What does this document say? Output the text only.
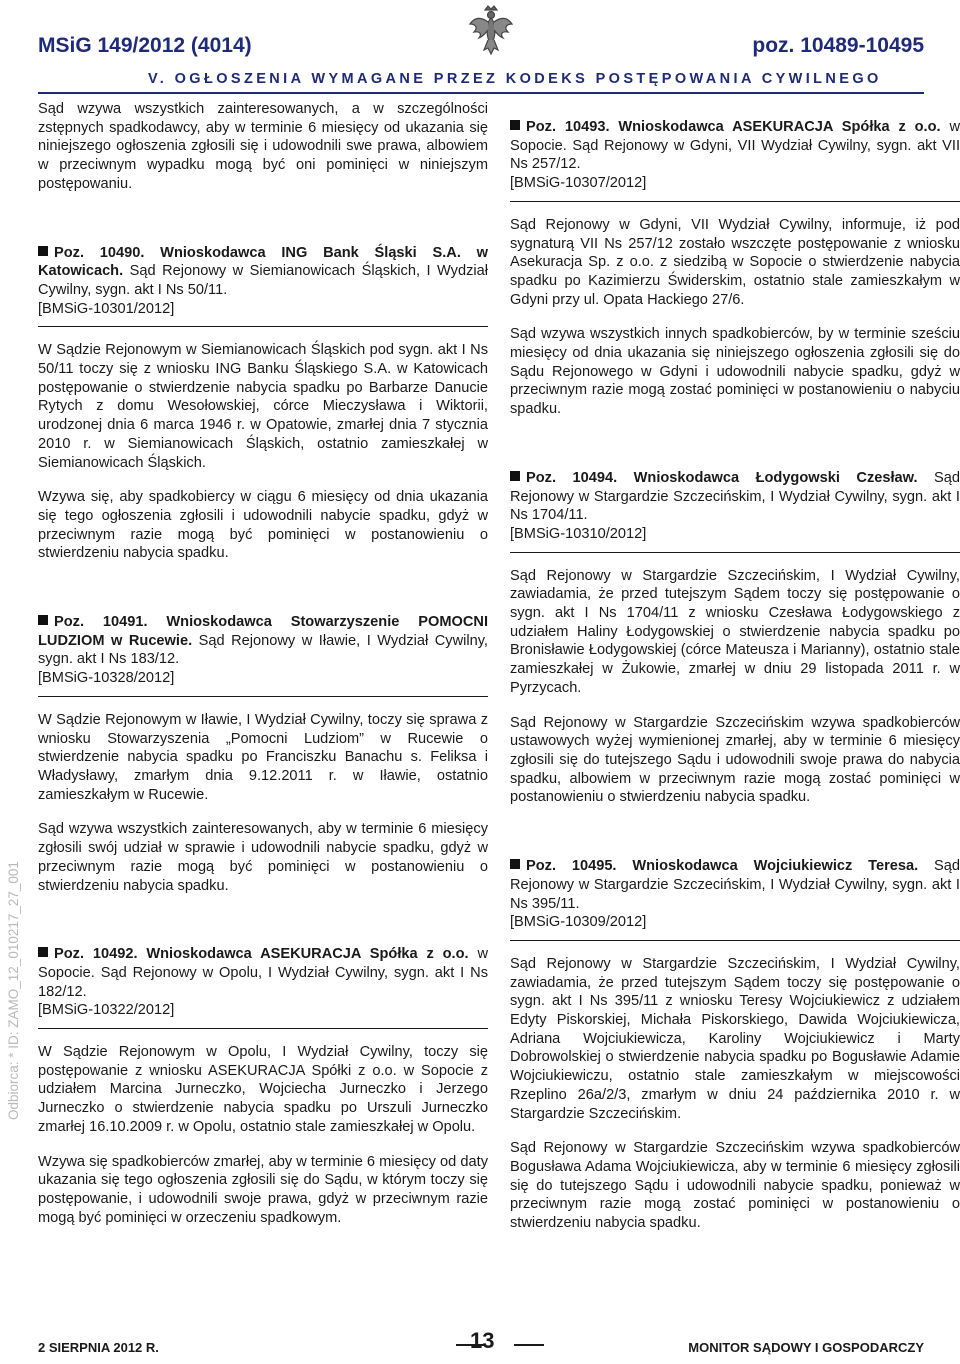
MSiG 149/2012 (4014)	poz. 10489-10495
V. OGŁOSZENIA WYMAGANE PRZEZ KODEKS POSTĘPOWANIA CYWILNEGO

Sąd wzywa wszystkich zainteresowanych, a w szczególności zstępnych spadkodawcy, aby w terminie 6 miesięcy od ukazania się niniejszego ogłoszenia zgłosili się i udowodnili swe prawa, albowiem w przeciwnym wypadku mogą być oni pominięci w niniejszym postępowaniu.

Poz. 10490. Wnioskodawca ING Bank Śląski S.A. w Katowicach. Sąd Rejonowy w Siemianowicach Śląskich, I Wydział Cywilny, sygn. akt I Ns 50/11.
[BMSiG-10301/2012]

W Sądzie Rejonowym w Siemianowicach Śląskich pod sygn. akt I Ns 50/11 toczy się z wniosku ING Banku Śląskiego S.A. w Katowicach postępowanie o stwierdzenie nabycia spadku po Barbarze Danucie Rytych z domu Wesołowskiej, córce Mieczysława i Wiktorii, urodzonej dnia 6 marca 1946 r. w Opatowie, zmarłej dnia 7 stycznia 2010 r. w Siemianowicach Śląskich, ostatnio zamieszkałej w Siemianowicach Śląskich.

Wzywa się, aby spadkobiercy w ciągu 6 miesięcy od dnia ukazania się tego ogłoszenia zgłosili i udowodnili nabycie spadku, gdyż w przeciwnym razie mogą być pominięci w postanowieniu o stwierdzeniu nabycia spadku.

Poz. 10491. Wnioskodawca Stowarzyszenie POMOCNI LUDZIOM w Rucewie. Sąd Rejonowy w Iławie, I Wydział Cywilny, sygn. akt I Ns 183/12.
[BMSiG-10328/2012]

W Sądzie Rejonowym w Iławie, I Wydział Cywilny, toczy się sprawa z wniosku Stowarzyszenia „Pomocni Ludziom” w Rucewie o stwierdzenie nabycia spadku po Franciszku Banachu s. Feliksa i Władysławy, zmarłym dnia 9.12.2011 r. w Iławie, ostatnio zamieszkałym w Rucewie.

Sąd wzywa wszystkich zainteresowanych, aby w terminie 6 miesięcy zgłosili swój udział w sprawie i udowodnili nabycie spadku, gdyż w przeciwnym razie mogą być pominięci w postanowieniu o stwierdzeniu nabycia spadku.

Poz. 10492. Wnioskodawca ASEKURACJA Spółka z o.o. w Sopocie. Sąd Rejonowy w Opolu, I Wydział Cywilny, sygn. akt I Ns 182/12.
[BMSiG-10322/2012]

W Sądzie Rejonowym w Opolu, I Wydział Cywilny, toczy się postępowanie z wniosku ASEKURACJA Spółki z o.o. w Sopocie z udziałem Marcina Jurneczko, Wojciecha Jurneczko i Jerzego Jurneczko o stwierdzenie nabycia spadku po Urszuli Jurneczko zmarłej 16.10.2009 r. w Opolu, ostatnio stale zamieszkałej w Opolu.

Wzywa się spadkobierców zmarłej, aby w terminie 6 miesięcy od daty ukazania się tego ogłoszenia zgłosili się do Sądu, w którym toczy się postępowanie, i udowodnili swoje prawa, gdyż w przeciwnym razie mogą być pominięci w orzeczeniu spadkowym.

Poz. 10493. Wnioskodawca ASEKURACJA Spółka z o.o. w Sopocie. Sąd Rejonowy w Gdyni, VII Wydział Cywilny, sygn. akt VII Ns 257/12.
[BMSiG-10307/2012]

Sąd Rejonowy w Gdyni, VII Wydział Cywilny, informuje, iż pod sygnaturą VII Ns 257/12 zostało wszczęte postępowanie z wniosku Asekuracja Sp. z o.o. z siedzibą w Sopocie o stwierdzenie nabycia spadku po Kazimierzu Świderskim, ostatnio stale zamieszkałym w Gdyni przy ul. Opata Hackiego 27/6.

Sąd wzywa wszystkich innych spadkobierców, by w terminie sześciu miesięcy od dnia ukazania się niniejszego ogłoszenia zgłosili się do Sądu Rejonowego w Gdyni i udowodnili nabycie spadku, gdyż w przeciwnym razie mogą zostać pominięci w postanowieniu o nabyciu spadku.

Poz. 10494. Wnioskodawca Łodygowski Czesław. Sąd Rejonowy w Stargardzie Szczecińskim, I Wydział Cywilny, sygn. akt I Ns 1704/11.
[BMSiG-10310/2012]

Sąd Rejonowy w Stargardzie Szczecińskim, I Wydział Cywilny, zawiadamia, że przed tutejszym Sądem toczy się postępowanie o sygn. akt I Ns 1704/11 z wniosku Czesława Łodygowskiego z udziałem Haliny Łodygowskiej o stwierdzenie nabycia spadku po Bronisławie Łodygowskiej (córce Mateusza i Marianny), ostatnio stale zamieszkałej w Żukowie, zmarłej w dniu 29 listopada 2011 r. w Pyrzycach.

Sąd Rejonowy w Stargardzie Szczecińskim wzywa spadkobierców ustawowych wyżej wymienionej zmarłej, aby w terminie 6 miesięcy zgłosili się do tutejszego Sądu i udowodnili swoje prawa do nabycia spadku, albowiem w przeciwnym razie mogą zostać pominięci w postanowieniu o stwierdzeniu nabycia spadku.

Poz. 10495. Wnioskodawca Wojciukiewicz Teresa. Sąd Rejonowy w Stargardzie Szczecińskim, I Wydział Cywilny, sygn. akt I Ns 395/11.
[BMSiG-10309/2012]

Sąd Rejonowy w Stargardzie Szczecińskim, I Wydział Cywilny, zawiadamia, że przed tutejszym Sądem toczy się postępowanie o sygn. akt I Ns 395/11 z wniosku Teresy Wojciukiewicz z udziałem Edyty Piskorskiej, Michała Piskorskiego, Dawida Wojciukiewicza, Adriana Wojciukiewicza, Karoliny Wojciukiewicz i Marty Dobrowolskiej o stwierdzenie nabycia spadku po Bogusławie Adamie Wojciukiewiczu, ostatnio stale zamieszkałym w miejscowości Rzeplino 26a/2/3, zmarłym w dniu 24 października 2010 r. w Stargardzie Szczecińskim.

Sąd Rejonowy w Stargardzie Szczecińskim wzywa spadkobierców Bogusława Adama Wojciukiewicza, aby w terminie 6 miesięcy zgłosili się do tutejszego Sądu i udowodnili nabycie spadku, ponieważ w przeciwnym razie mogą zostać pominięci w postanowieniu o stwierdzeniu nabycia spadku.

Odbiorca: * ID: ZAMO_12_010217_27_001
2 SIERPNIA 2012 R.	13	MONITOR SĄDOWY I GOSPODARCZY
